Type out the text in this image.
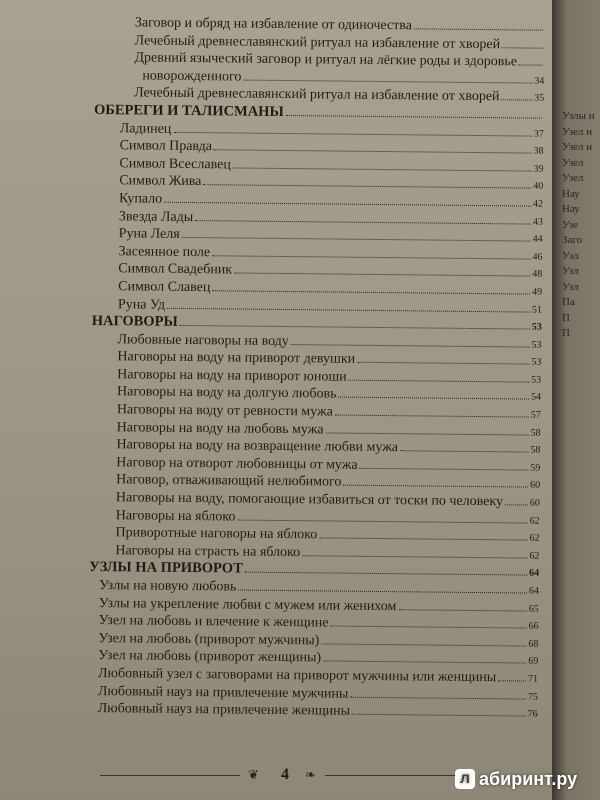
Заговор и обряд на избавление от одиночества
Лечебный древнеславянский ритуал на избавление от хворей
Древний языческий заговор и ритуал на лёгкие роды и здоровье
новорожденного	34
Лечебный древнеславянский ритуал на избавление от хворей	35
ОБЕРЕГИ И ТАЛИСМАНЫ
Ладинец	37
Символ Правда	38
Символ Всеславец	39
Символ Жива	40
Купало	42
Звезда Лады	43
Руна Леля	44
Засеянное поле	46
Символ Свадебник	48
Символ Славец	49
Руна Уд	51
НАГОВОРЫ	53
Любовные наговоры на воду	53
Наговоры на воду на приворот девушки	53
Наговоры на воду на приворот юноши	53
Наговоры на воду на долгую любовь	54
Наговоры на воду от ревности мужа	57
Наговоры на воду на любовь мужа	58
Наговоры на воду на возвращение любви мужа	58
Наговор на отворот любовницы от мужа	59
Наговор, отваживающий нелюбимого	60
Наговоры на воду, помогающие избавиться от тоски по человеку	60
Наговоры на яблоко	62
Приворотные наговоры на яблоко	62
Наговоры на страсть на яблоко	62
УЗЛЫ НА ПРИВОРОТ	64
Узлы на новую любовь	64
Узлы на укрепление любви с мужем или женихом	65
Узел на любовь и влечение к женщине	66
Узел на любовь (приворот мужчины)	68
Узел на любовь (приворот женщины)	69
Любовный узел с заговорами на приворот мужчины или женщины	71
Любовный науз на привлечение мужчины	75
Любовный науз на привлечение женщины	76
❦	4	❧
Узлы н
Узел н
Узел н
Узел
Узел
Нау
Нау
Узе
Заго
Узл
Узл
Узл
Па
П
П
л абиринт.ру
